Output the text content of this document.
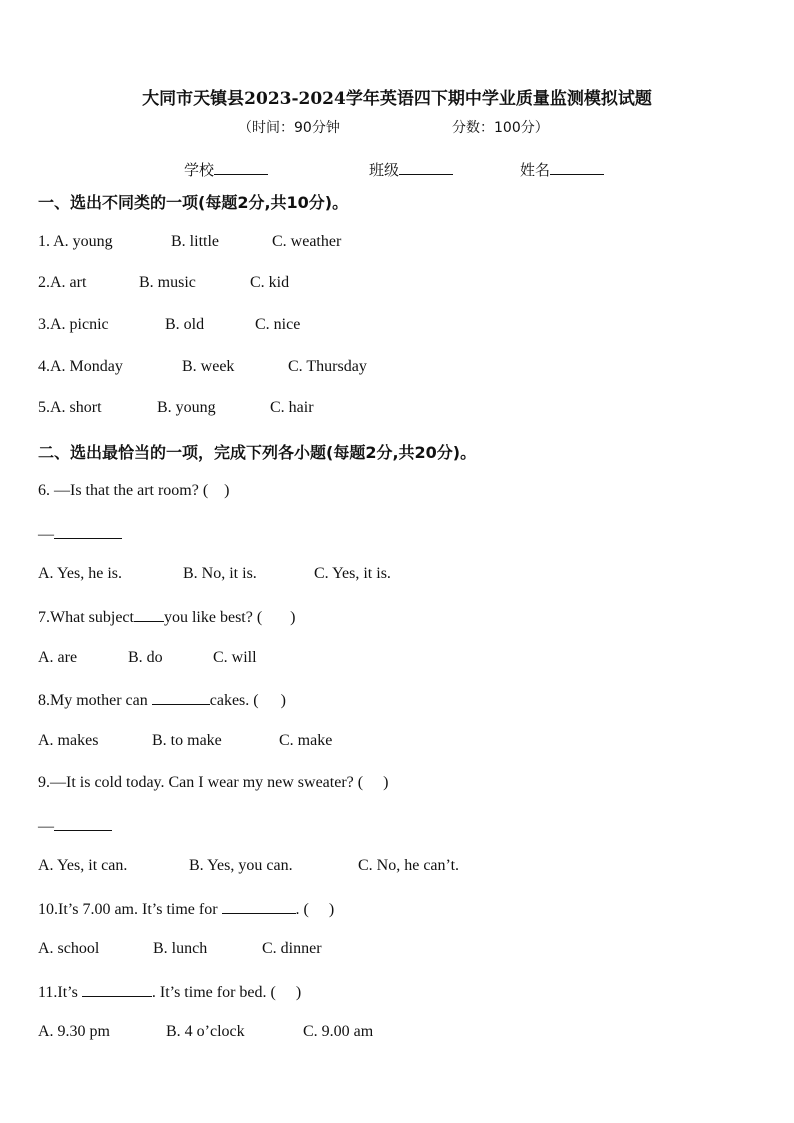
大同市天镇县2023-2024学年英语四下期中学业质量监测模拟试题
（时间：90分钟	分数：100分）
学校	班级	姓名
一、选出不同类的一项(每题2分,共10分)。
1. A. young	B. little	C. weather
2.A. art	B. music	C. kid
3.A. picnic	B. old	C. nice
4.A. Monday	B. week	C. Thursday
5.A. short	B. young	C. hair
二、选出最恰当的一项，完成下列各小题(每题2分,共20分)。
6. —Is that the art room? ( )
—
A. Yes, he is.	B. No, it is.	C. Yes, it is.
7.What subject you like best? ( )
A. are	B. do	C. will
8.My mother can	cakes. ( )
A. makes	B. to make	C. make
9.—It is cold today. Can I wear my new sweater? ( )
—
A. Yes, it can.	B. Yes, you can.	C. No, he can’t.
10.It’s 7.00 am. It’s time for	. ( )
A. school	B. lunch	C. dinner
11.It’s	. It’s time for bed. ( )
A. 9.30 pm	B. 4 o’clock	C. 9.00 am
